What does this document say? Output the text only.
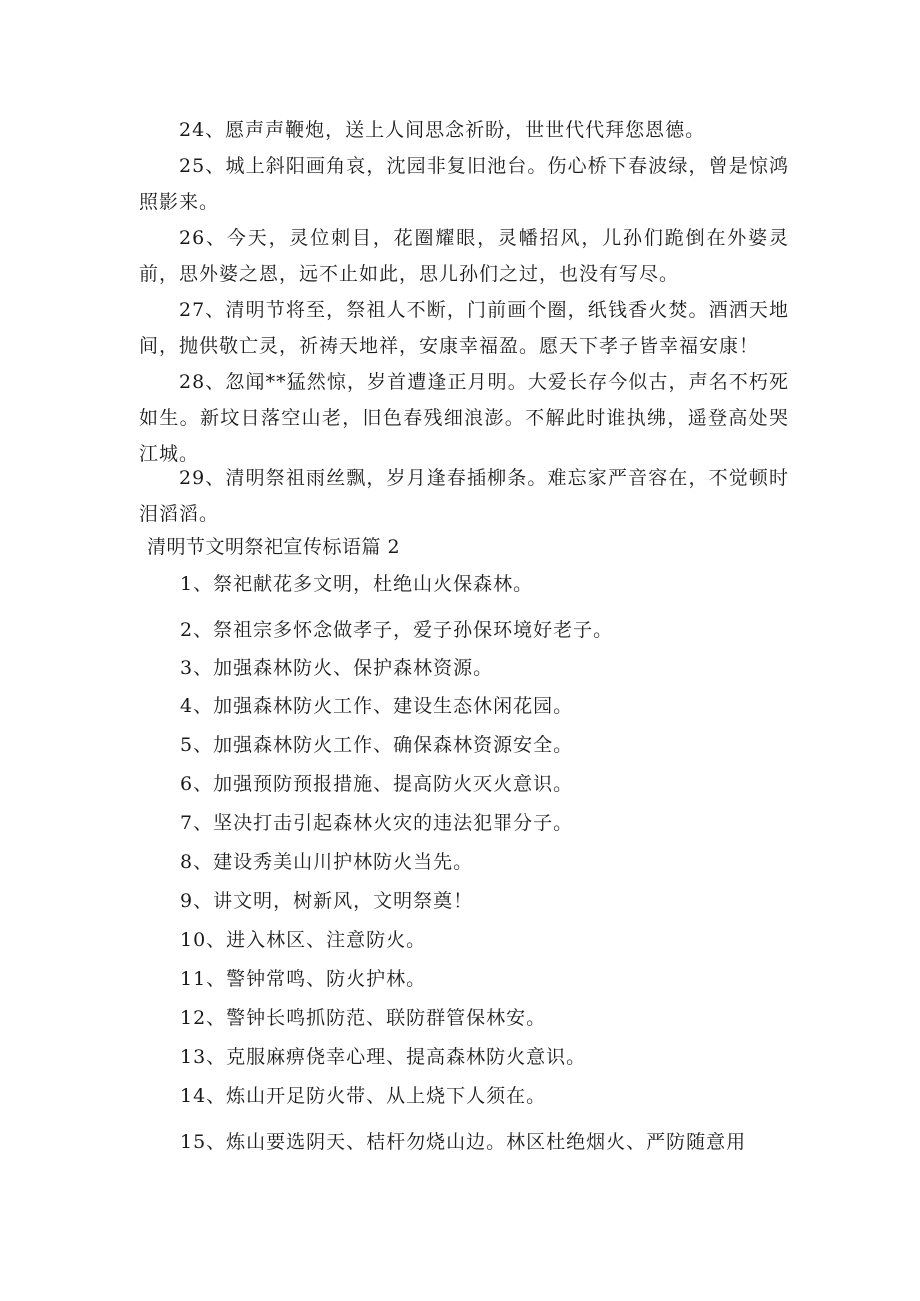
24、愿声声鞭炮，送上人间思念祈盼，世世代代拜您恩德。

25、城上斜阳画角哀，沈园非复旧池台。伤心桥下春波绿，曾是惊鸿照影来。

26、今天，灵位刺目，花圈耀眼，灵幡招风，儿孙们跪倒在外婆灵前，思外婆之恩，远不止如此，思儿孙们之过，也没有写尽。

27、清明节将至，祭祖人不断，门前画个圈，纸钱香火焚。酒洒天地间，抛供敬亡灵，祈祷天地祥，安康幸福盈。愿天下孝子皆幸福安康！

28、忽闻**猛然惊，岁首遭逢正月明。大爱长存今似古，声名不朽死如生。新坟日落空山老，旧色春残细浪澎。不解此时谁执绋，遥登高处哭江城。

29、清明祭祖雨丝飘，岁月逢春插柳条。难忘家严音容在，不觉顿时泪滔滔。

清明节文明祭祀宣传标语篇 2

1、祭祀献花多文明，杜绝山火保森林。

2、祭祖宗多怀念做孝子，爱子孙保环境好老子。

3、加强森林防火、保护森林资源。

4、加强森林防火工作、建设生态休闲花园。

5、加强森林防火工作、确保森林资源安全。

6、加强预防预报措施、提高防火灭火意识。

7、坚决打击引起森林火灾的违法犯罪分子。

8、建设秀美山川护林防火当先。

9、讲文明，树新风，文明祭奠！

10、进入林区、注意防火。

11、警钟常鸣、防火护林。

12、警钟长鸣抓防范、联防群管保林安。

13、克服麻痹侥幸心理、提高森林防火意识。

14、炼山开足防火带、从上烧下人须在。

15、炼山要选阴天、桔杆勿烧山边。林区杜绝烟火、严防随意用
